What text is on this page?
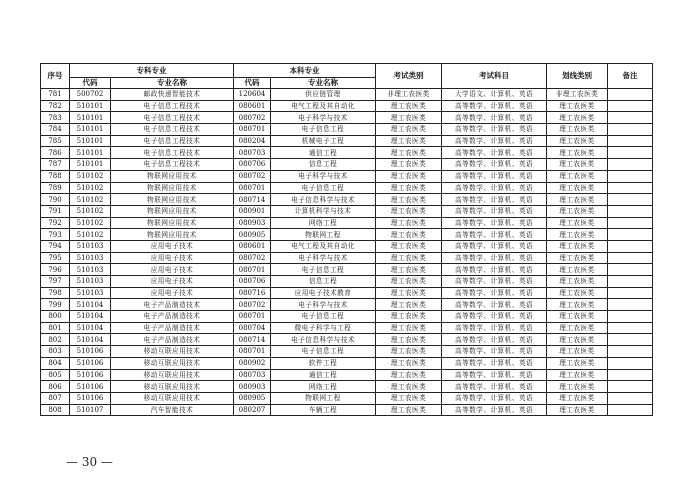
序号	专科专业		本科专业		考试类别	考试科目	划线类别	备注
	代码	专业名称	代码	专业名称				
781	500702	邮政快递智能技术	120604	供应链管理	非理工农医类	大学语文、计算机、英语	非理工农医类	
782	510101	电子信息工程技术	080601	电气工程及其自动化	理工农医类	高等数学、计算机、英语	理工农医类	
783	510101	电子信息工程技术	080702	电子科学与技术	理工农医类	高等数学、计算机、英语	理工农医类	
784	510101	电子信息工程技术	080701	电子信息工程	理工农医类	高等数学、计算机、英语	理工农医类	
785	510101	电子信息工程技术	080204	机械电子工程	理工农医类	高等数学、计算机、英语	理工农医类	
786	510101	电子信息工程技术	080703	通信工程	理工农医类	高等数学、计算机、英语	理工农医类	
787	510101	电子信息工程技术	080706	信息工程	理工农医类	高等数学、计算机、英语	理工农医类	
788	510102	物联网应用技术	080702	电子科学与技术	理工农医类	高等数学、计算机、英语	理工农医类	
789	510102	物联网应用技术	080701	电子信息工程	理工农医类	高等数学、计算机、英语	理工农医类	
790	510102	物联网应用技术	080714	电子信息科学与技术	理工农医类	高等数学、计算机、英语	理工农医类	
791	510102	物联网应用技术	080901	计算机科学与技术	理工农医类	高等数学、计算机、英语	理工农医类	
792	510102	物联网应用技术	080903	网络工程	理工农医类	高等数学、计算机、英语	理工农医类	
793	510102	物联网应用技术	080905	物联网工程	理工农医类	高等数学、计算机、英语	理工农医类	
794	510103	应用电子技术	080601	电气工程及其自动化	理工农医类	高等数学、计算机、英语	理工农医类	
795	510103	应用电子技术	080702	电子科学与技术	理工农医类	高等数学、计算机、英语	理工农医类	
796	510103	应用电子技术	080701	电子信息工程	理工农医类	高等数学、计算机、英语	理工农医类	
797	510103	应用电子技术	080706	信息工程	理工农医类	高等数学、计算机、英语	理工农医类	
798	510103	应用电子技术	080716	应用电子技术教育	理工农医类	高等数学、计算机、英语	理工农医类	
799	510104	电子产品制造技术	080702	电子科学与技术	理工农医类	高等数学、计算机、英语	理工农医类	
800	510104	电子产品制造技术	080701	电子信息工程	理工农医类	高等数学、计算机、英语	理工农医类	
801	510104	电子产品制造技术	080704	微电子科学与工程	理工农医类	高等数学、计算机、英语	理工农医类	
802	510104	电子产品制造技术	080714	电子信息科学与技术	理工农医类	高等数学、计算机、英语	理工农医类	
803	510106	移动互联应用技术	080701	电子信息工程	理工农医类	高等数学、计算机、英语	理工农医类	
804	510106	移动互联应用技术	080902	软件工程	理工农医类	高等数学、计算机、英语	理工农医类	
805	510106	移动互联应用技术	080703	通信工程	理工农医类	高等数学、计算机、英语	理工农医类	
806	510106	移动互联应用技术	080903	网络工程	理工农医类	高等数学、计算机、英语	理工农医类	
807	510106	移动互联应用技术	080905	物联网工程	理工农医类	高等数学、计算机、英语	理工农医类	
808	510107	汽车智能技术	080207	车辆工程	理工农医类	高等数学、计算机、英语	理工农医类	
— 30 —
